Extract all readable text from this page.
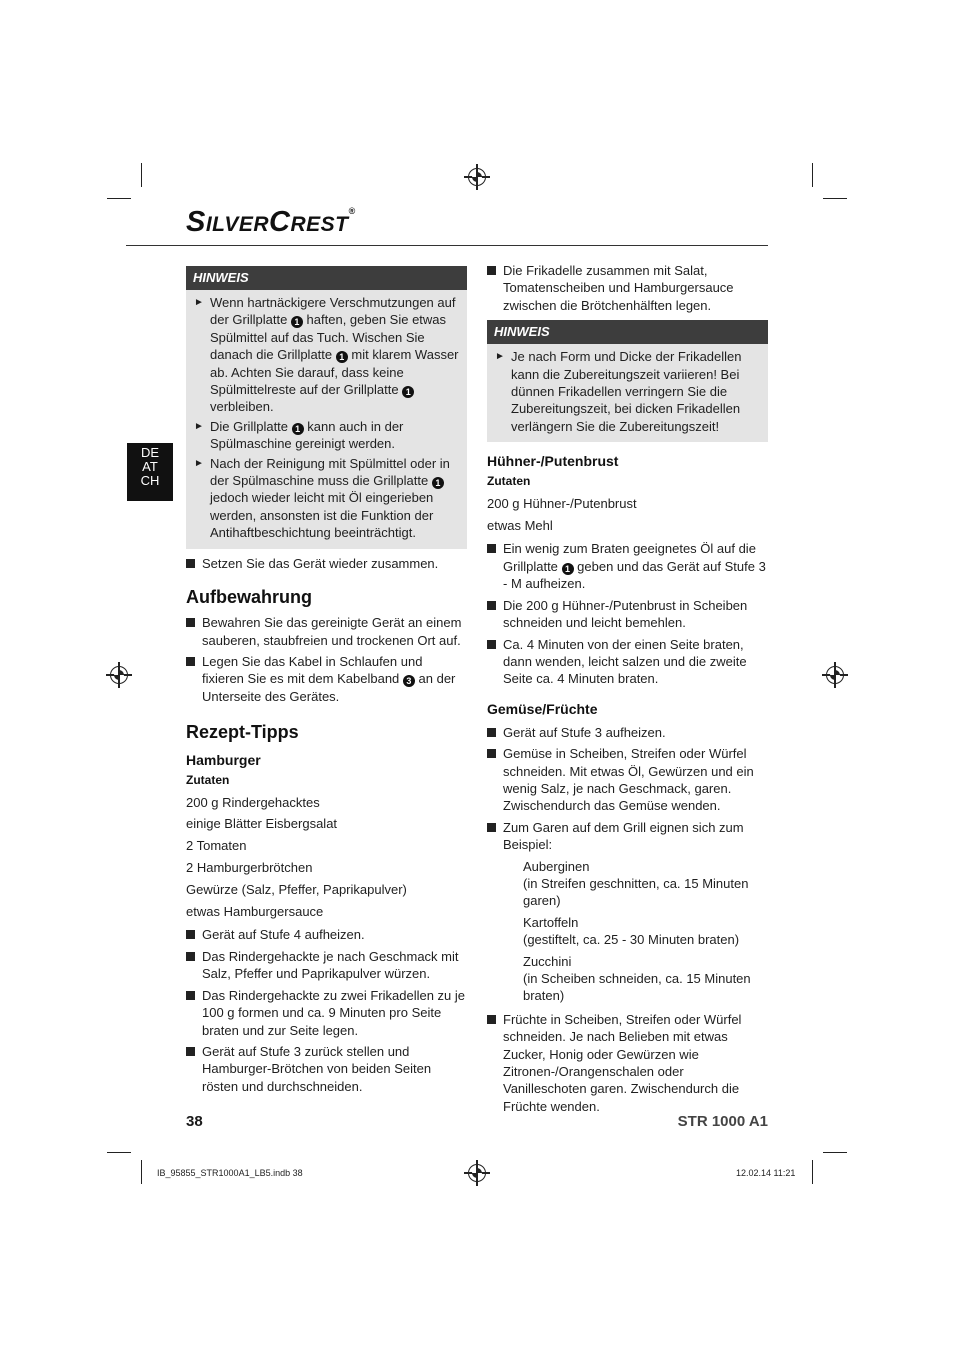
SILVERCREST®
DE
AT
CH
HINWEIS
► Wenn hartnäckigere Verschmutzungen auf der Grillplatte 1 haften, geben Sie etwas Spülmittel auf das Tuch. Wischen Sie danach die Grillplatte 1 mit klarem Wasser ab. Achten Sie darauf, dass keine Spülmittelreste auf der Grillplatte 1 verbleiben.
► Die Grillplatte 1 kann auch in der Spülmaschine gereinigt werden.
► Nach der Reinigung mit Spülmittel oder in der Spülmaschine muss die Grillplatte 1 jedoch wieder leicht mit Öl eingerieben werden, ansonsten ist die Funktion der Antihaftbeschichtung beeinträchtigt.
Setzen Sie das Gerät wieder zusammen.
Aufbewahrung
Bewahren Sie das gereinigte Gerät an einem sauberen, staubfreien und trockenen Ort auf.
Legen Sie das Kabel in Schlaufen und fixieren Sie es mit dem Kabelband 3 an der Unterseite des Gerätes.
Rezept-Tipps
Hamburger
Zutaten
200 g Rindergehacktes
einige Blätter Eisbergsalat
2 Tomaten
2 Hamburgerbrötchen
Gewürze (Salz, Pfeffer, Paprikapulver)
etwas Hamburgersauce
Gerät auf Stufe 4 aufheizen.
Das Rindergehackte je nach Geschmack mit Salz, Pfeffer und Paprikapulver würzen.
Das Rindergehackte zu zwei Frikadellen zu je 100 g formen und ca. 9 Minuten pro Seite braten und zur Seite legen.
Gerät auf Stufe 3 zurück stellen und Hamburger-Brötchen von beiden Seiten rösten und durchschneiden.
Die Frikadelle zusammen mit Salat, Tomatenscheiben und Hamburgersauce zwischen die Brötchenhälften legen.
HINWEIS
► Je nach Form und Dicke der Frikadellen kann die Zubereitungszeit variieren! Bei dünnen Frikadellen verringern Sie die Zubereitungszeit, bei dicken Frikadellen verlängern Sie die Zubereitungszeit!
Hühner-/Putenbrust
Zutaten
200 g Hühner-/Putenbrust
etwas Mehl
Ein wenig zum Braten geeignetes Öl auf die Grillplatte 1 geben und das Gerät auf Stufe 3 - M aufheizen.
Die 200 g Hühner-/Putenbrust in Scheiben schneiden und leicht bemehlen.
Ca. 4 Minuten von der einen Seite braten, dann wenden, leicht salzen und die zweite Seite ca. 4 Minuten braten.
Gemüse/Früchte
Gerät auf Stufe 3 aufheizen.
Gemüse in Scheiben, Streifen oder Würfel schneiden. Mit etwas Öl, Gewürzen und ein wenig Salz, je nach Geschmack, garen. Zwischendurch das Gemüse wenden.
Zum Garen auf dem Grill eignen sich zum Beispiel:
Auberginen
(in Streifen geschnitten, ca. 15 Minuten garen)
Kartoffeln
(gestiftelt, ca. 25 - 30 Minuten braten)
Zucchini
(in Scheiben schneiden, ca. 15 Minuten braten)
Früchte in Scheiben, Streifen oder Würfel schneiden. Je nach Belieben mit etwas Zucker, Honig oder Gewürzen wie Zitronen-/Orangenschalen oder Vanilleschoten garen. Zwischendurch die Früchte wenden.
38	STR 1000 A1
IB_95855_STR1000A1_LB5.indb 38	12.02.14 11:21
